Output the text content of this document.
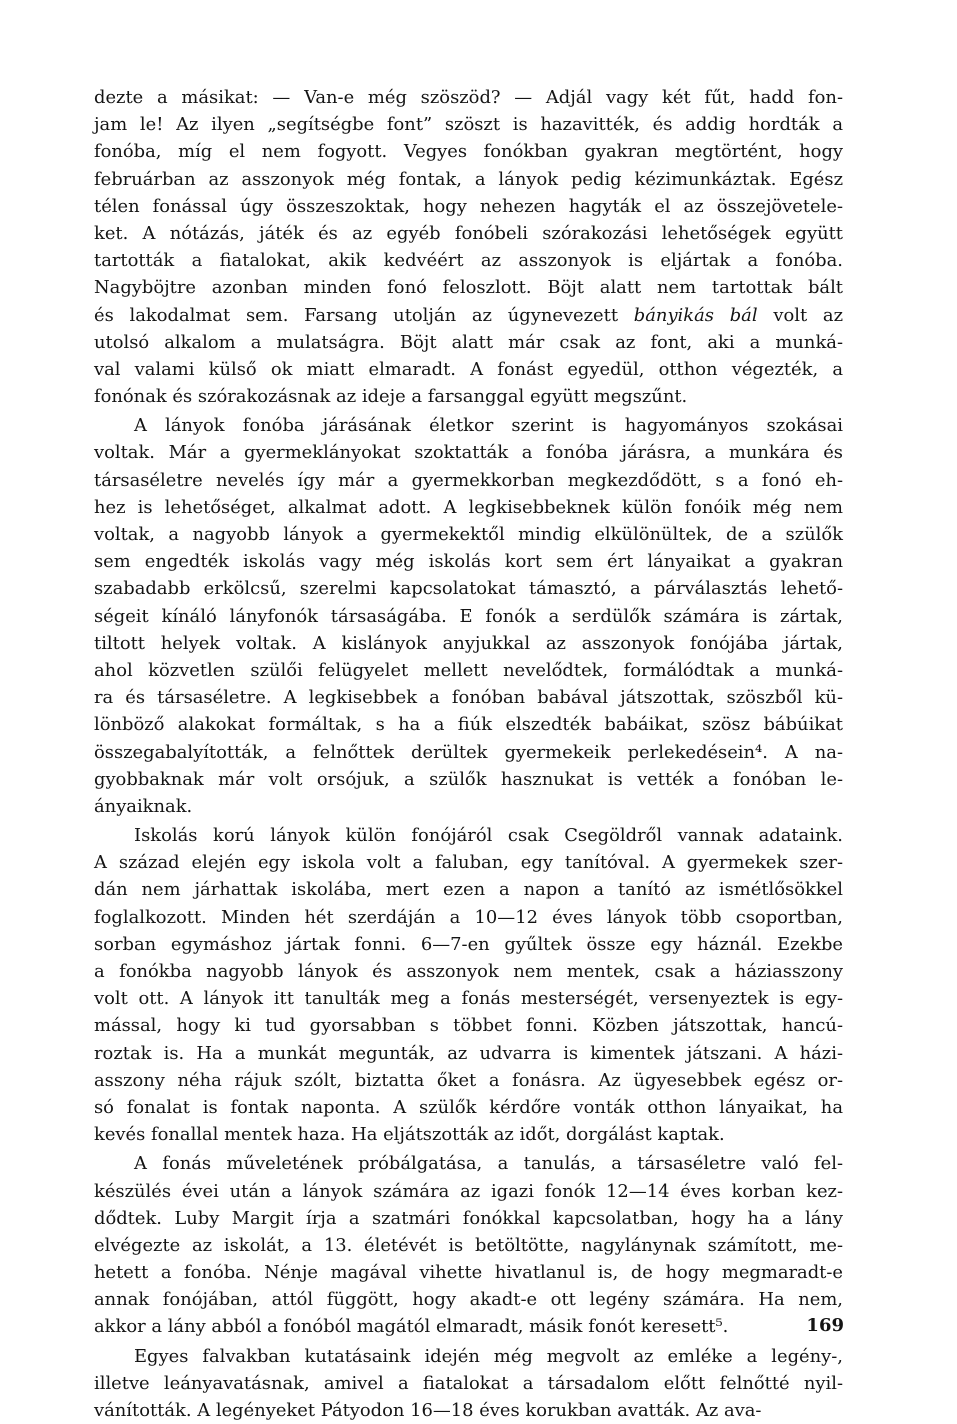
dezte a másikat: — Van-e még szöszöd? — Adjál vagy két fűt, hadd fon-
jam le! Az ilyen „segítségbe font” szöszt is hazavitték, és addig hordták a
fonóba, míg el nem fogyott. Vegyes fonókban gyakran megtörtént, hogy
februárban az asszonyok még fontak, a lányok pedig kézimunkáztak. Egész
télen fonással úgy összeszoktak, hogy nehezen hagyták el az összejövetele-
ket. A nótázás, játék és az egyéb fonóbeli szórakozási lehetőségek együtt
tartották a fiatalokat, akik kedvéért az asszonyok is eljártak a fonóba.
Nagyböjtre azonban minden fonó feloszlott. Böjt alatt nem tartottak bált
és lakodalmat sem. Farsang utolján az úgynevezett bányikás bál volt az
utolsó alkalom a mulatságra. Böjt alatt már csak az font, aki a munká-
val valami külső ok miatt elmaradt. A fonást egyedül, otthon végezték, a
fonónak és szórakozásnak az ideje a farsanggal együtt megszűnt.
A lányok fonóba járásának életkor szerint is hagyományos szokásai
voltak. Már a gyermeklányokat szoktatták a fonóba járásra, a munkára és
társaséletre nevelés így már a gyermekkorban megkezdődött, s a fonó eh-
hez is lehetőséget, alkalmat adott. A legkisebbeknek külön fonóik még nem
voltak, a nagyobb lányok a gyermekektől mindig elkülönültek, de a szülők
sem engedték iskolás vagy még iskolás kort sem ért lányaikat a gyakran
szabadabb erkölcsű, szerelmi kapcsolatokat támasztó, a párválasztás lehető-
ségeit kínáló lányfonók társaságába. E fonók a serdülők számára is zártak,
tiltott helyek voltak. A kislányok anyjukkal az asszonyok fonójába jártak,
ahol közvetlen szülői felügyelet mellett nevelődtek, formálódtak a munká-
ra és társaséletre. A legkisebbek a fonóban babával játszottak, szöszből kü-
lönböző alakokat formáltak, s ha a fiúk elszedték babáikat, szösz bábúikat
összegabalyították, a felnőttek derültek gyermekeik perlekedésein⁴. A na-
gyobbaknak már volt orsójuk, a szülők hasznukat is vették a fonóban le-
ányaiknak.
Iskolás korú lányok külön fonójáról csak Csegöldről vannak adataink.
A század elején egy iskola volt a faluban, egy tanítóval. A gyermekek szer-
dán nem járhattak iskolába, mert ezen a napon a tanító az ismétlősökkel
foglalkozott. Minden hét szerdáján a 10—12 éves lányok több csoportban,
sorban egymáshoz jártak fonni. 6—7-en gyűltek össze egy háznál. Ezekbe
a fonókba nagyobb lányok és asszonyok nem mentek, csak a háziasszony
volt ott. A lányok itt tanulták meg a fonás mesterségét, versenyeztek is egy-
mással, hogy ki tud gyorsabban s többet fonni. Közben játszottak, hancú-
roztak is. Ha a munkát megunták, az udvarra is kimentek játszani. A házi-
asszony néha rájuk szólt, biztatta őket a fonásra. Az ügyesebbek egész or-
só fonalat is fontak naponta. A szülők kérdőre vonták otthon lányaikat, ha
kevés fonallal mentek haza. Ha eljátszották az időt, dorgálást kaptak.
A fonás műveletének próbálgatása, a tanulás, a társaséletre való fel-
készülés évei után a lányok számára az igazi fonók 12—14 éves korban kez-
dődtek. Luby Margit írja a szatmári fonókkal kapcsolatban, hogy ha a lány
elvégezte az iskolát, a 13. életévét is betöltötte, nagylánynak számított, me-
hetett a fonóba. Nénje magával vihette hivatlanul is, de hogy megmaradt-e
annak fonójában, attól függött, hogy akadt-e ott legény számára. Ha nem,
akkor a lány abból a fonóból magától elmaradt, másik fonót keresett⁵.
Egyes falvakban kutatásaink idején még megvolt az emléke a legény-,
illetve leányavatásnak, amivel a fiatalokat a társadalom előtt felnőtté nyil-
vánították. A legényeket Pátyodon 16—18 éves korukban avatták. Az ava-
169
